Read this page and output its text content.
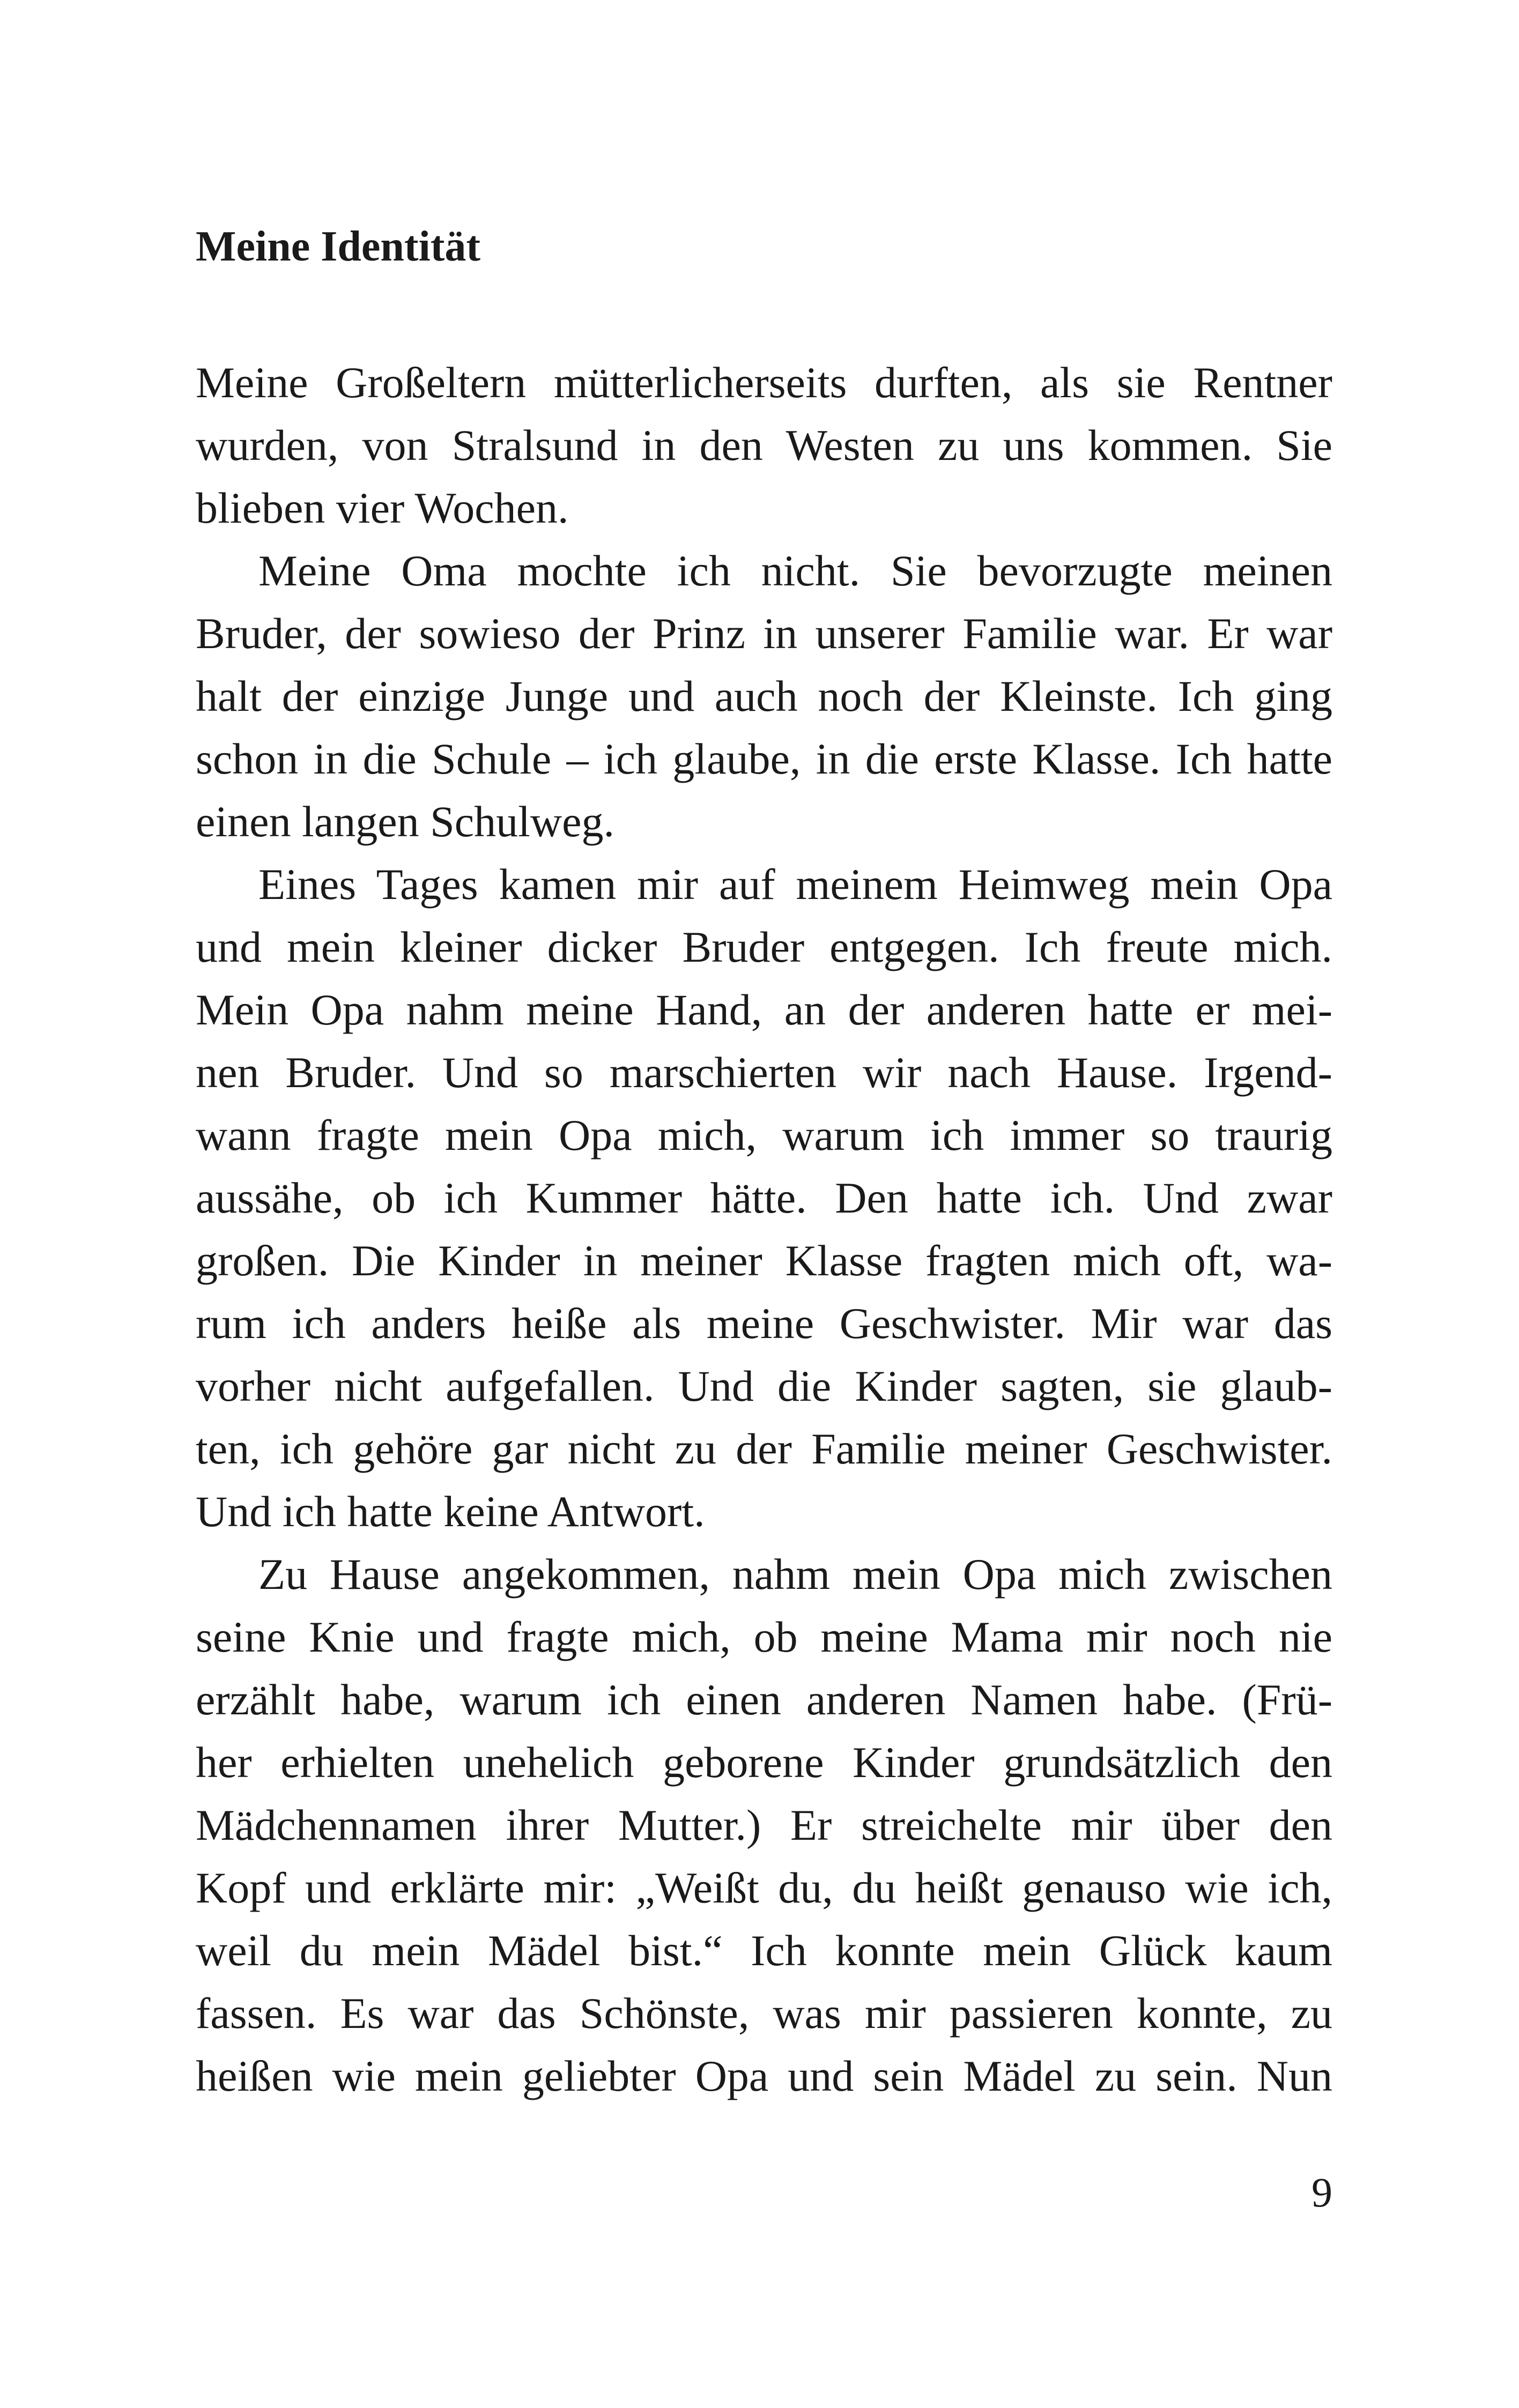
Meine Identität
Meine Großeltern mütterlicherseits durften, als sie Rentner
wurden, von Stralsund in den Westen zu uns kommen. Sie
blieben vier Wochen.
Meine Oma mochte ich nicht. Sie bevorzugte meinen
Bruder, der sowieso der Prinz in unserer Familie war. Er war
halt der einzige Junge und auch noch der Kleinste. Ich ging
schon in die Schule – ich glaube, in die erste Klasse. Ich hatte
einen langen Schulweg.
Eines Tages kamen mir auf meinem Heimweg mein Opa
und mein kleiner dicker Bruder entgegen. Ich freute mich.
Mein Opa nahm meine Hand, an der anderen hatte er mei-
nen Bruder. Und so marschierten wir nach Hause. Irgend-
wann fragte mein Opa mich, warum ich immer so traurig
aussähe, ob ich Kummer hätte. Den hatte ich. Und zwar
großen. Die Kinder in meiner Klasse fragten mich oft, wa-
rum ich anders heiße als meine Geschwister. Mir war das
vorher nicht aufgefallen. Und die Kinder sagten, sie glaub-
ten, ich gehöre gar nicht zu der Familie meiner Geschwister.
Und ich hatte keine Antwort.
Zu Hause angekommen, nahm mein Opa mich zwischen
seine Knie und fragte mich, ob meine Mama mir noch nie
erzählt habe, warum ich einen anderen Namen habe. (Frü-
her erhielten unehelich geborene Kinder grundsätzlich den
Mädchennamen ihrer Mutter.) Er streichelte mir über den
Kopf und erklärte mir: „Weißt du, du heißt genauso wie ich,
weil du mein Mädel bist.“ Ich konnte mein Glück kaum
fassen. Es war das Schönste, was mir passieren konnte, zu
heißen wie mein geliebter Opa und sein Mädel zu sein. Nun
9
